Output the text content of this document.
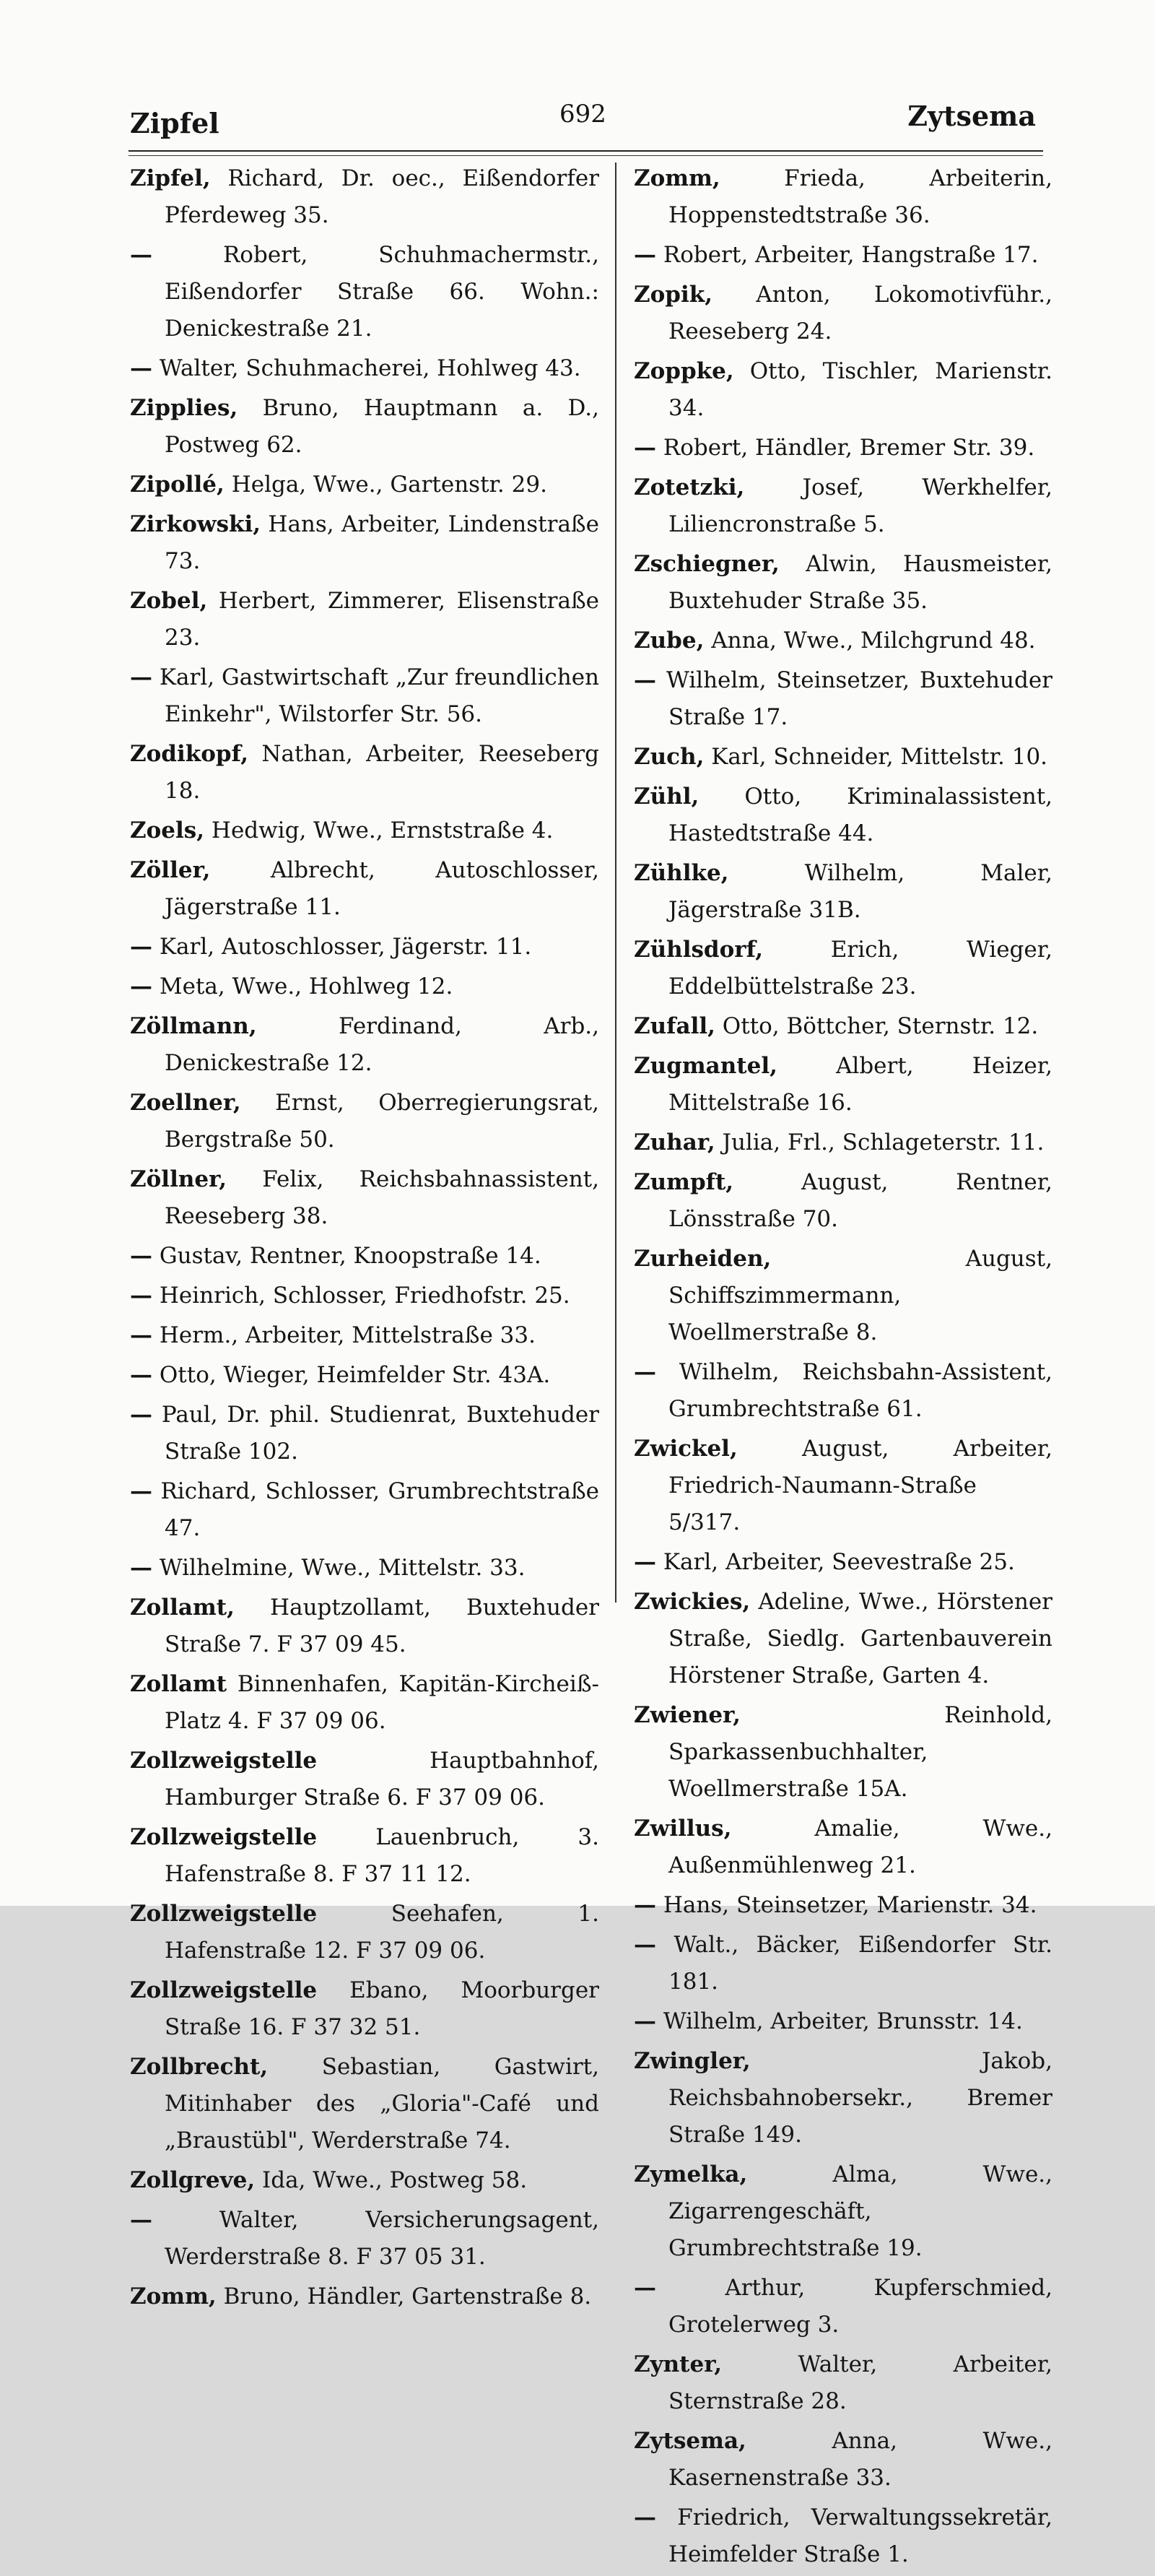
Zipfel	692	Zytsema
Zipfel, Richard, Dr. oec., Eißendorfer Pferdeweg 35.
—	Robert, Schuhmachermstr., Eißendorfer Straße 66. Wohn.: Denickestraße 21.
— Walter, Schuhmacherei, Hohlweg 43.
Zipplies, Bruno, Hauptmann a. D., Postweg 62.
Zipollé, Helga, Wwe., Gartenstr. 29.
Zirkowski, Hans, Arbeiter, Lindenstraße 73.
Zobel, Herbert, Zimmerer, Elisenstraße 23.
— Karl, Gastwirtschaft „Zur freundlichen Einkehr", Wilstorfer Str. 56.
Zodikopf, Nathan, Arbeiter, Reeseberg 18.
Zoels, Hedwig, Wwe., Ernststraße 4.
Zöller,	Albrecht, Autoschlosser, Jägerstraße 11.
— Karl, Autoschlosser, Jägerstr. 11.
— Meta, Wwe., Hohlweg 12.
Zöllmann,	Ferdinand, Arb., Denickestraße 12.
Zoellner, Ernst, Oberregierungsrat, Bergstraße 50.
Zöllner, Felix, Reichsbahnassistent, Reeseberg 38.
— Gustav, Rentner, Knoopstraße 14.
— Heinrich, Schlosser, Friedhofstr. 25.
— Herm., Arbeiter, Mittelstraße 33.
— Otto, Wieger, Heimfelder Str. 43A.
— Paul, Dr. phil. Studienrat, Buxtehuder Straße 102.
— Richard, Schlosser, Grumbrechtstraße 47.
— Wilhelmine, Wwe., Mittelstr. 33.
Zollamt, Hauptzollamt, Buxtehuder Straße 7. F 37 09 45.
Zollamt Binnenhafen, Kapitän-Kircheiß-Platz 4. F 37 09 06.
Zollzweigstelle	Hauptbahnhof, Hamburger Straße 6. F 37 09 06.
Zollzweigstelle	Lauenbruch, 3. Hafenstraße 8. F 37 11 12.
Zollzweigstelle	Seehafen, 1. Hafenstraße 12. F 37 09 06.
Zollzweigstelle Ebano, Moorburger Straße 16. F 37 32 51.
Zollbrecht, Sebastian, Gastwirt, Mitinhaber des „Gloria"-Café und „Braustübl", Werderstraße 74.
Zollgreve, Ida, Wwe., Postweg 58.
—	Walter, Versicherungsagent, Werderstraße 8. F 37 05 31.
Zomm, Bruno, Händler, Gartenstraße 8.
Zomm,	Frieda, Arbeiterin, Hoppenstedtstraße 36.
— Robert, Arbeiter, Hangstraße 17.
Zopik, Anton, Lokomotivführ., Reeseberg 24.
Zoppke, Otto, Tischler, Marienstr. 34.
— Robert, Händler, Bremer Str. 39.
Zotetzki,	Josef, Werkhelfer, Liliencronstraße 5.
Zschiegner, Alwin, Hausmeister, Buxtehuder Straße 35.
Zube, Anna, Wwe., Milchgrund 48.
— Wilhelm, Steinsetzer, Buxtehuder Straße 17.
Zuch, Karl, Schneider, Mittelstr. 10.
Zühl, Otto, Kriminalassistent, Hastedtstraße 44.
Zühlke,	Wilhelm, Maler, Jägerstraße 31B.
Zühlsdorf,	Erich, Wieger, Eddelbüttelstraße 23.
Zufall, Otto, Böttcher, Sternstr. 12.
Zugmantel,	Albert, Heizer, Mittelstraße 16.
Zuhar, Julia, Frl., Schlageterstr. 11.
Zumpft,	August, Rentner, Lönsstraße 70.
Zurheiden,	August, Schiffszimmermann, Woellmerstraße 8.
— Wilhelm, Reichsbahn-Assistent, Grumbrechtstraße 61.
Zwickel,	August, Arbeiter, Friedrich-Naumann-Straße 5/317.
— Karl, Arbeiter, Seevestraße 25.
Zwickies, Adeline, Wwe., Hörstener Straße, Siedlg. Gartenbauverein Hörstener Straße, Garten 4.
Zwiener,	Reinhold, Sparkassenbuchhalter, Woellmerstraße 15A.
Zwillus,	Amalie, Wwe., Außenmühlenweg 21.
— Hans, Steinsetzer, Marienstr. 34.
— Walt., Bäcker, Eißendorfer Str. 181.
— Wilhelm, Arbeiter, Brunsstr. 14.
Zwingler,	Jakob, Reichsbahnobersekr., Bremer Straße 149.
Zymelka,	Alma, Wwe., Zigarrengeschäft, Grumbrechtstraße 19.
—	Arthur, Kupferschmied, Grotelerweg 3.
Zynter,	Walter, Arbeiter, Sternstraße 28.
Zytsema,	Anna, Wwe., Kasernenstraße 33.
— Friedrich, Verwaltungssekretär, Heimfelder Straße 1.
